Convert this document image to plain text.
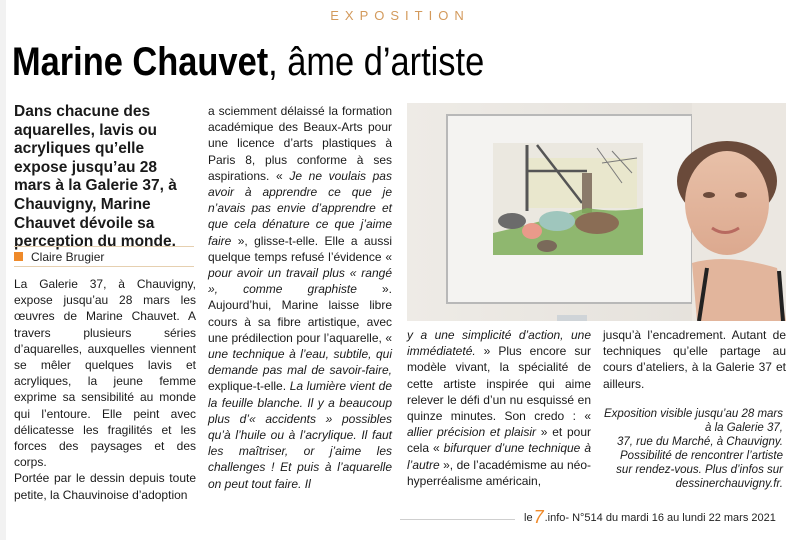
EXPOSITION
Marine Chauvet, âme d’artiste
Dans chacune des aquarelles, lavis ou acryliques qu’elle expose jusqu’au 28 mars à la Galerie 37, à Chauvigny, Marine Chauvet dévoile sa perception du monde.
Claire Brugier

La Galerie 37, à Chauvigny, expose jusqu’au 28 mars les œuvres de Marine Chauvet. A travers plusieurs séries d’aquarelles, auxquelles viennent se mêler quelques lavis et acryliques, la jeune femme exprime sa sensibilité au monde qui l’entoure. Elle peint avec délicatesse les fragilités et les forces des paysages et des corps.

Portée par le dessin depuis toute petite, la Chauvinoise d’adoption

a sciemment délaissé la formation académique des Beaux-Arts pour une licence d’arts plastiques à Paris 8, plus conforme à ses aspirations. « Je ne voulais pas avoir à apprendre ce que je n’avais pas envie d’apprendre et que cela dénature ce que j’aime faire », glisse-t-elle. Elle a aussi quelque temps refusé l’évidence « pour avoir un travail plus « rangé », comme graphiste ». Aujourd’hui, Marine laisse libre cours à sa fibre artistique, avec une prédilection pour l’aquarelle, « une technique à l’eau, subtile, qui demande pas mal de savoir-faire, explique-t-elle. La lumière vient de la feuille blanche. Il y a beaucoup plus d’« accidents » possibles qu’à l’huile ou à l’acrylique. Il faut les maîtriser, or j’aime les challenges ! Et puis à l’aquarelle on peut tout faire. Il

y a une simplicité d’action, une immédiateté. » Plus encore sur modèle vivant, la spécialité de cette artiste inspirée qui aime relever le défi d’un nu esquissé en quinze minutes. Son credo : « allier précision et plaisir » et pour cela « bifurquer d’une technique à l’autre », de l’académisme au néo-hyperréalisme américain,

jusqu’à l’encadrement. Autant de techniques qu’elle partage au cours d’ateliers, à la Galerie 37 et ailleurs.

Exposition visible jusqu’au 28 mars à la Galerie 37,
37, rue du Marché, à Chauvigny.
Possibilité de rencontrer l’artiste sur rendez-vous. Plus d’infos sur dessinerchauvigny.fr.
le 7 .info - N°514 du mardi 16 au lundi 22 mars 2021
